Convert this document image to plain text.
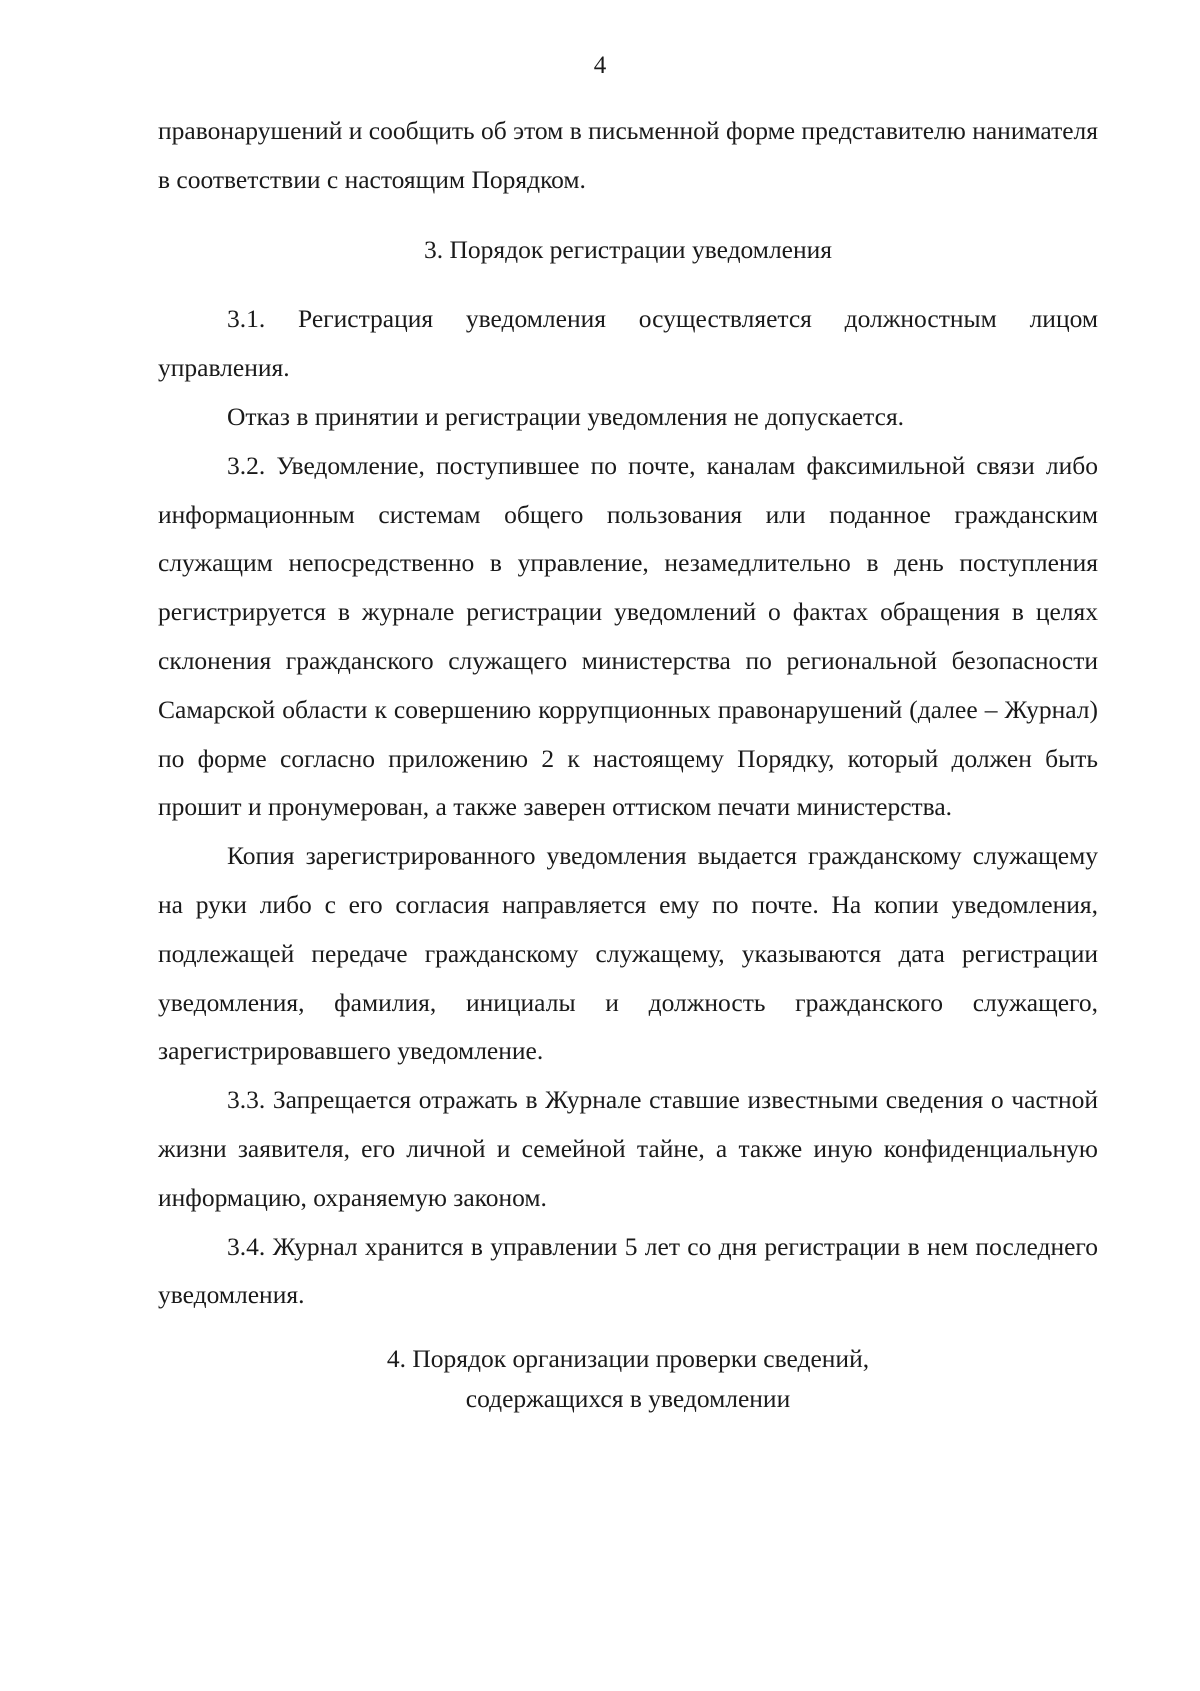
4

правонарушений и сообщить об этом в письменной форме представителю нанимателя в соответствии с настоящим Порядком.

3. Порядок регистрации уведомления

3.1. Регистрация уведомления осуществляется должностным лицом управления.

Отказ в принятии и регистрации уведомления не допускается.

3.2. Уведомление, поступившее по почте, каналам факсимильной связи либо информационным системам общего пользования или поданное гражданским служащим непосредственно в управление, незамедлительно в день поступления регистрируется в журнале регистрации уведомлений о фактах обращения в целях склонения гражданского служащего министерства по региональной безопасности Самарской области к совершению коррупционных правонарушений (далее – Журнал) по форме согласно приложению 2 к настоящему Порядку, который должен быть прошит и пронумерован, а также заверен оттиском печати министерства.

Копия зарегистрированного уведомления выдается гражданскому служащему на руки либо с его согласия направляется ему по почте. На копии уведомления, подлежащей передаче гражданскому служащему, указываются дата регистрации уведомления, фамилия, инициалы и должность гражданского служащего, зарегистрировавшего уведомление.

3.3. Запрещается отражать в Журнале ставшие известными сведения о частной жизни заявителя, его личной и семейной тайне, а также иную конфиденциальную информацию, охраняемую законом.

3.4. Журнал хранится в управлении 5 лет со дня регистрации в нем последнего уведомления.

4. Порядок организации проверки сведений,
содержащихся в уведомлении
